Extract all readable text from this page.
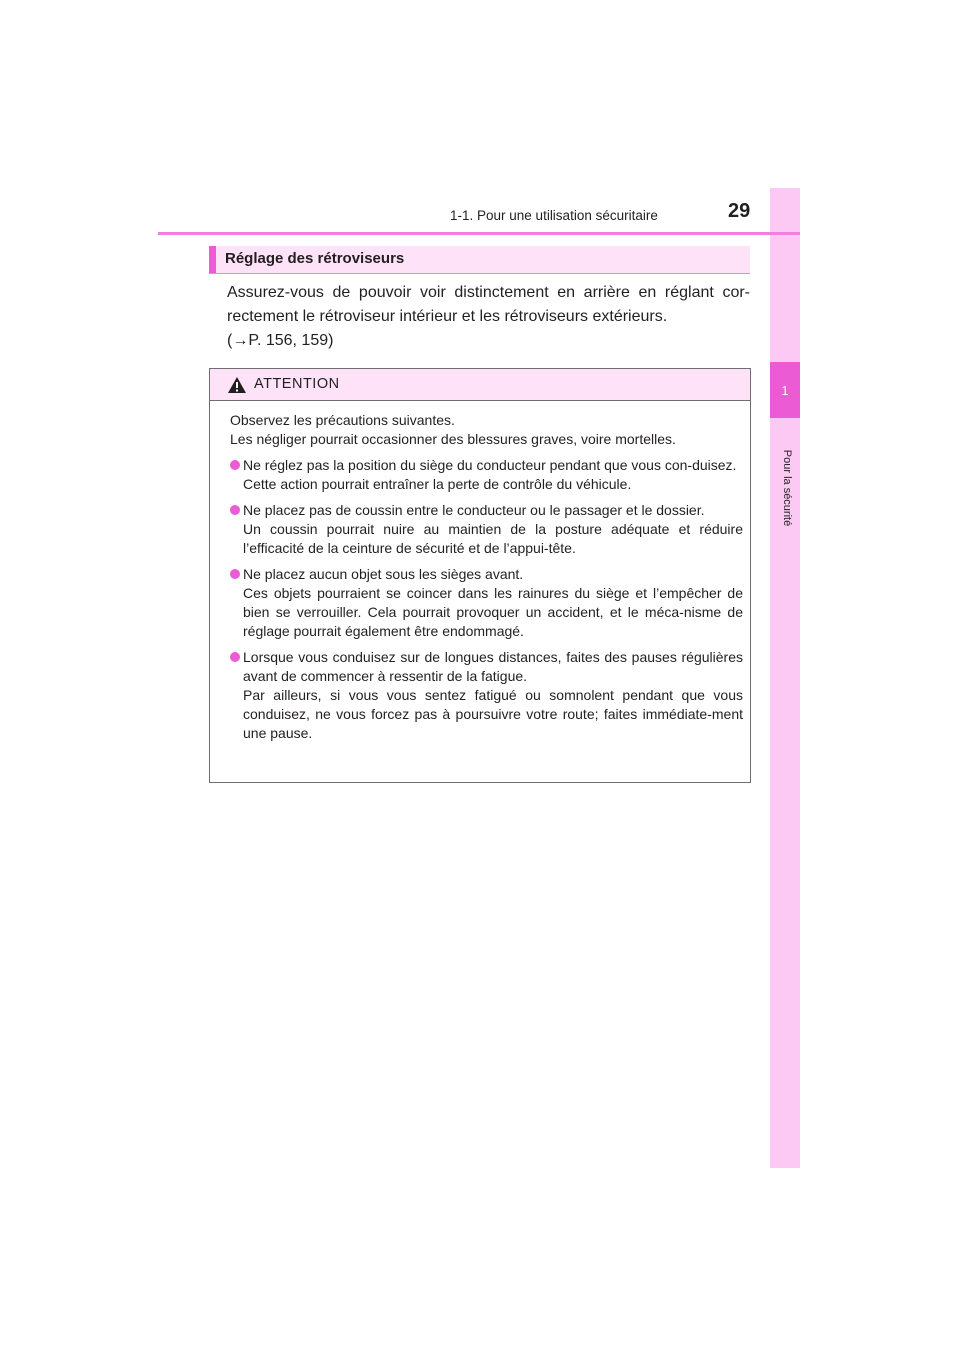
1
Pour la sécurité
1-1. Pour une utilisation sécuritaire	29
Réglage des rétroviseurs
Assurez-vous de pouvoir voir distinctement en arrière en réglant cor-rectement le rétroviseur intérieur et les rétroviseurs extérieurs.
(→P. 156, 159)
ATTENTION

Observez les précautions suivantes.

Les négliger pourrait occasionner des blessures graves, voire mortelles.

Ne réglez pas la position du siège du conducteur pendant que vous con-duisez.

Cette action pourrait entraîner la perte de contrôle du véhicule.

Ne placez pas de coussin entre le conducteur ou le passager et le dossier.

Un coussin pourrait nuire au maintien de la posture adéquate et réduire l’efficacité de la ceinture de sécurité et de l’appui-tête.

Ne placez aucun objet sous les sièges avant.

Ces objets pourraient se coincer dans les rainures du siège et l’empêcher de bien se verrouiller. Cela pourrait provoquer un accident, et le méca-nisme de réglage pourrait également être endommagé.

Lorsque vous conduisez sur de longues distances, faites des pauses régulières avant de commencer à ressentir de la fatigue.

Par ailleurs, si vous vous sentez fatigué ou somnolent pendant que vous conduisez, ne vous forcez pas à poursuivre votre route; faites immédiate-ment une pause.
